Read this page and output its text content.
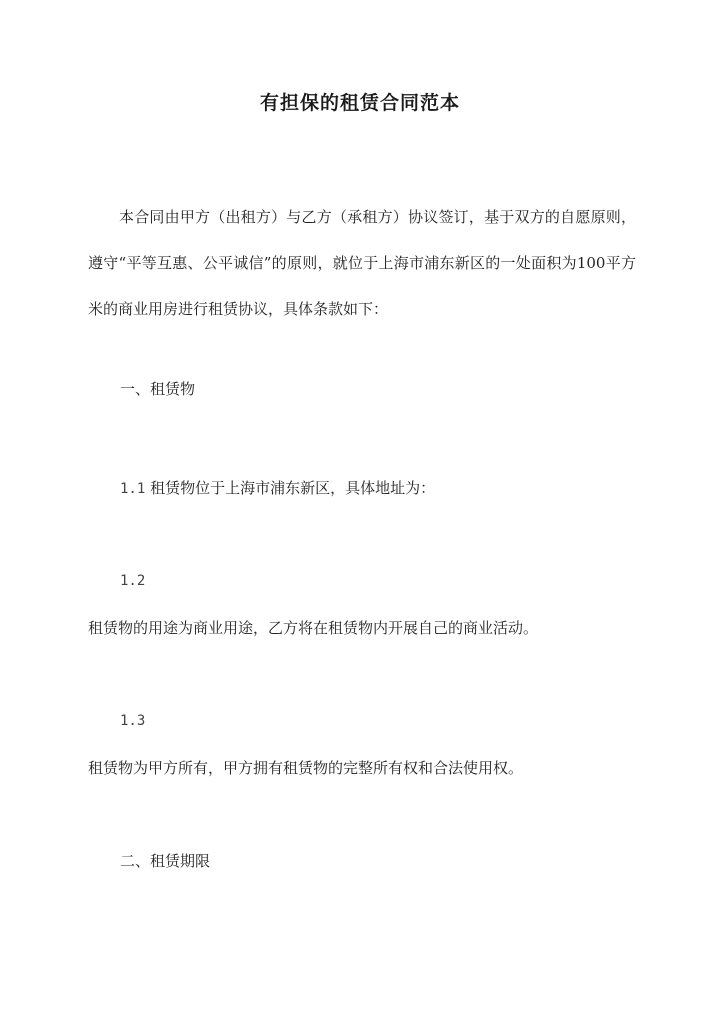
有担保的租赁合同范本
本合同由甲方（出租方）与乙方（承租方）协议签订，基于双方的自愿原则，遵守“平等互惠、公平诚信”的原则，就位于上海市浦东新区的一处面积为100平方米的商业用房进行租赁协议，具体条款如下：
一、租赁物
1.1 租赁物位于上海市浦东新区，具体地址为：
1.2
租赁物的用途为商业用途，乙方将在租赁物内开展自己的商业活动。
1.3
租赁物为甲方所有，甲方拥有租赁物的完整所有权和合法使用权。
二、租赁期限
